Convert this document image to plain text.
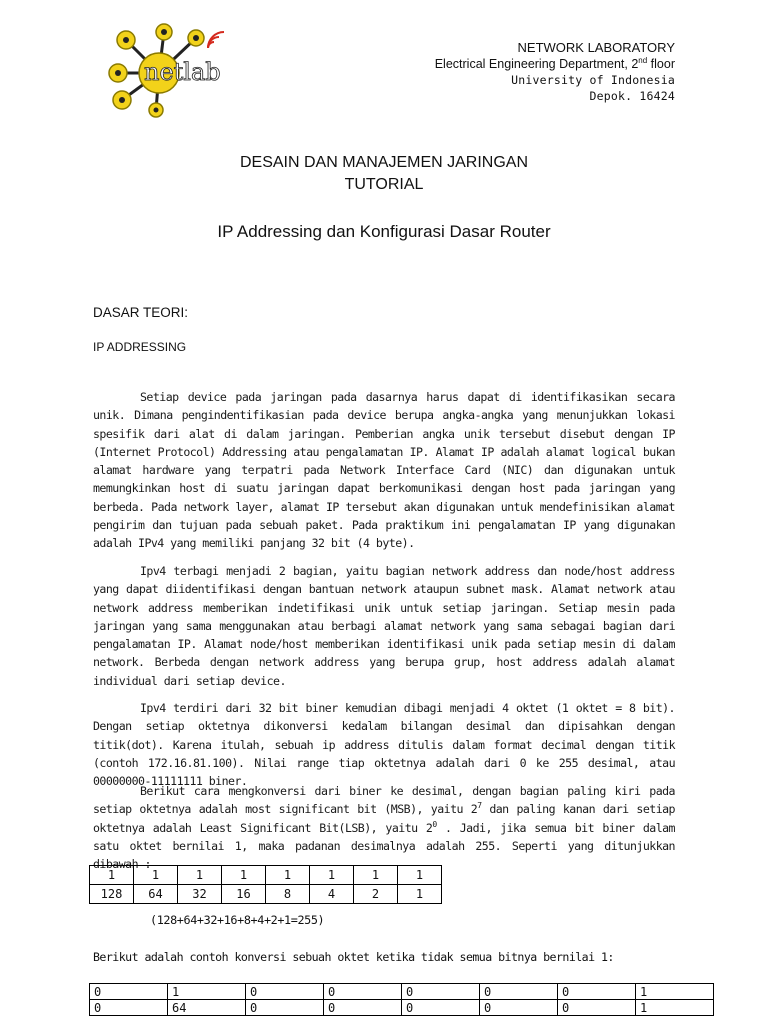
netlab
NETWORK LABORATORY
Electrical Engineering Department, 2nd floor
University of Indonesia
Depok. 16424
DESAIN DAN MANAJEMEN JARINGAN
TUTORIAL
IP Addressing dan Konfigurasi Dasar Router
DASAR TEORI:
IP ADDRESSING

Setiap device pada jaringan pada dasarnya harus dapat di identifikasikan secara unik. Dimana pengindentifikasian pada device berupa angka-angka yang menunjukkan lokasi spesifik dari alat di dalam jaringan. Pemberian angka unik tersebut disebut dengan IP (Internet Protocol) Addressing atau pengalamatan IP. Alamat IP adalah alamat logical bukan alamat hardware yang terpatri pada Network Interface Card (NIC) dan digunakan untuk memungkinkan host di suatu jaringan dapat berkomunikasi dengan host pada jaringan yang berbeda. Pada network layer, alamat IP tersebut akan digunakan untuk mendefinisikan alamat pengirim dan tujuan pada sebuah paket. Pada praktikum ini pengalamatan IP yang digunakan adalah IPv4 yang memiliki panjang 32 bit (4 byte).

Ipv4 terbagi menjadi 2 bagian, yaitu bagian network address dan node/host address yang dapat diidentifikasi dengan bantuan network ataupun subnet mask. Alamat network atau network address memberikan indetifikasi unik untuk setiap jaringan. Setiap mesin pada jaringan yang sama menggunakan atau berbagi alamat network yang sama sebagai bagian dari pengalamatan IP. Alamat node/host memberikan identifikasi unik pada setiap mesin di dalam network. Berbeda dengan network address yang berupa grup, host address adalah alamat individual dari setiap device.

Ipv4 terdiri dari 32 bit biner kemudian dibagi menjadi 4 oktet (1 oktet = 8 bit). Dengan setiap oktetnya dikonversi kedalam bilangan desimal dan dipisahkan dengan titik(dot). Karena itulah, sebuah ip address ditulis dalam format decimal dengan titik (contoh 172.16.81.100). Nilai range tiap oktetnya adalah dari 0 ke 255 desimal, atau 00000000-11111111 biner.

Berikut cara mengkonversi dari biner ke desimal, dengan bagian paling kiri pada setiap oktetnya adalah most significant bit (MSB), yaitu $2^7$ dan paling kanan dari setiap oktetnya adalah Least Significant Bit(LSB), yaitu $2^0$ . Jadi, jika semua bit biner dalam satu oktet bernilai 1, maka padanan desimalnya adalah 255. Seperti yang ditunjukkan dibawah :

1	1	1	1	1	1	1	1
128	64	32	16	8	4	2	1
(128+64+32+16+8+4+2+1=255)
Berikut adalah contoh konversi sebuah oktet ketika tidak semua bitnya bernilai 1:
0	1	0	0	0	0	0	1
0	64	0	0	0	0	0	1
